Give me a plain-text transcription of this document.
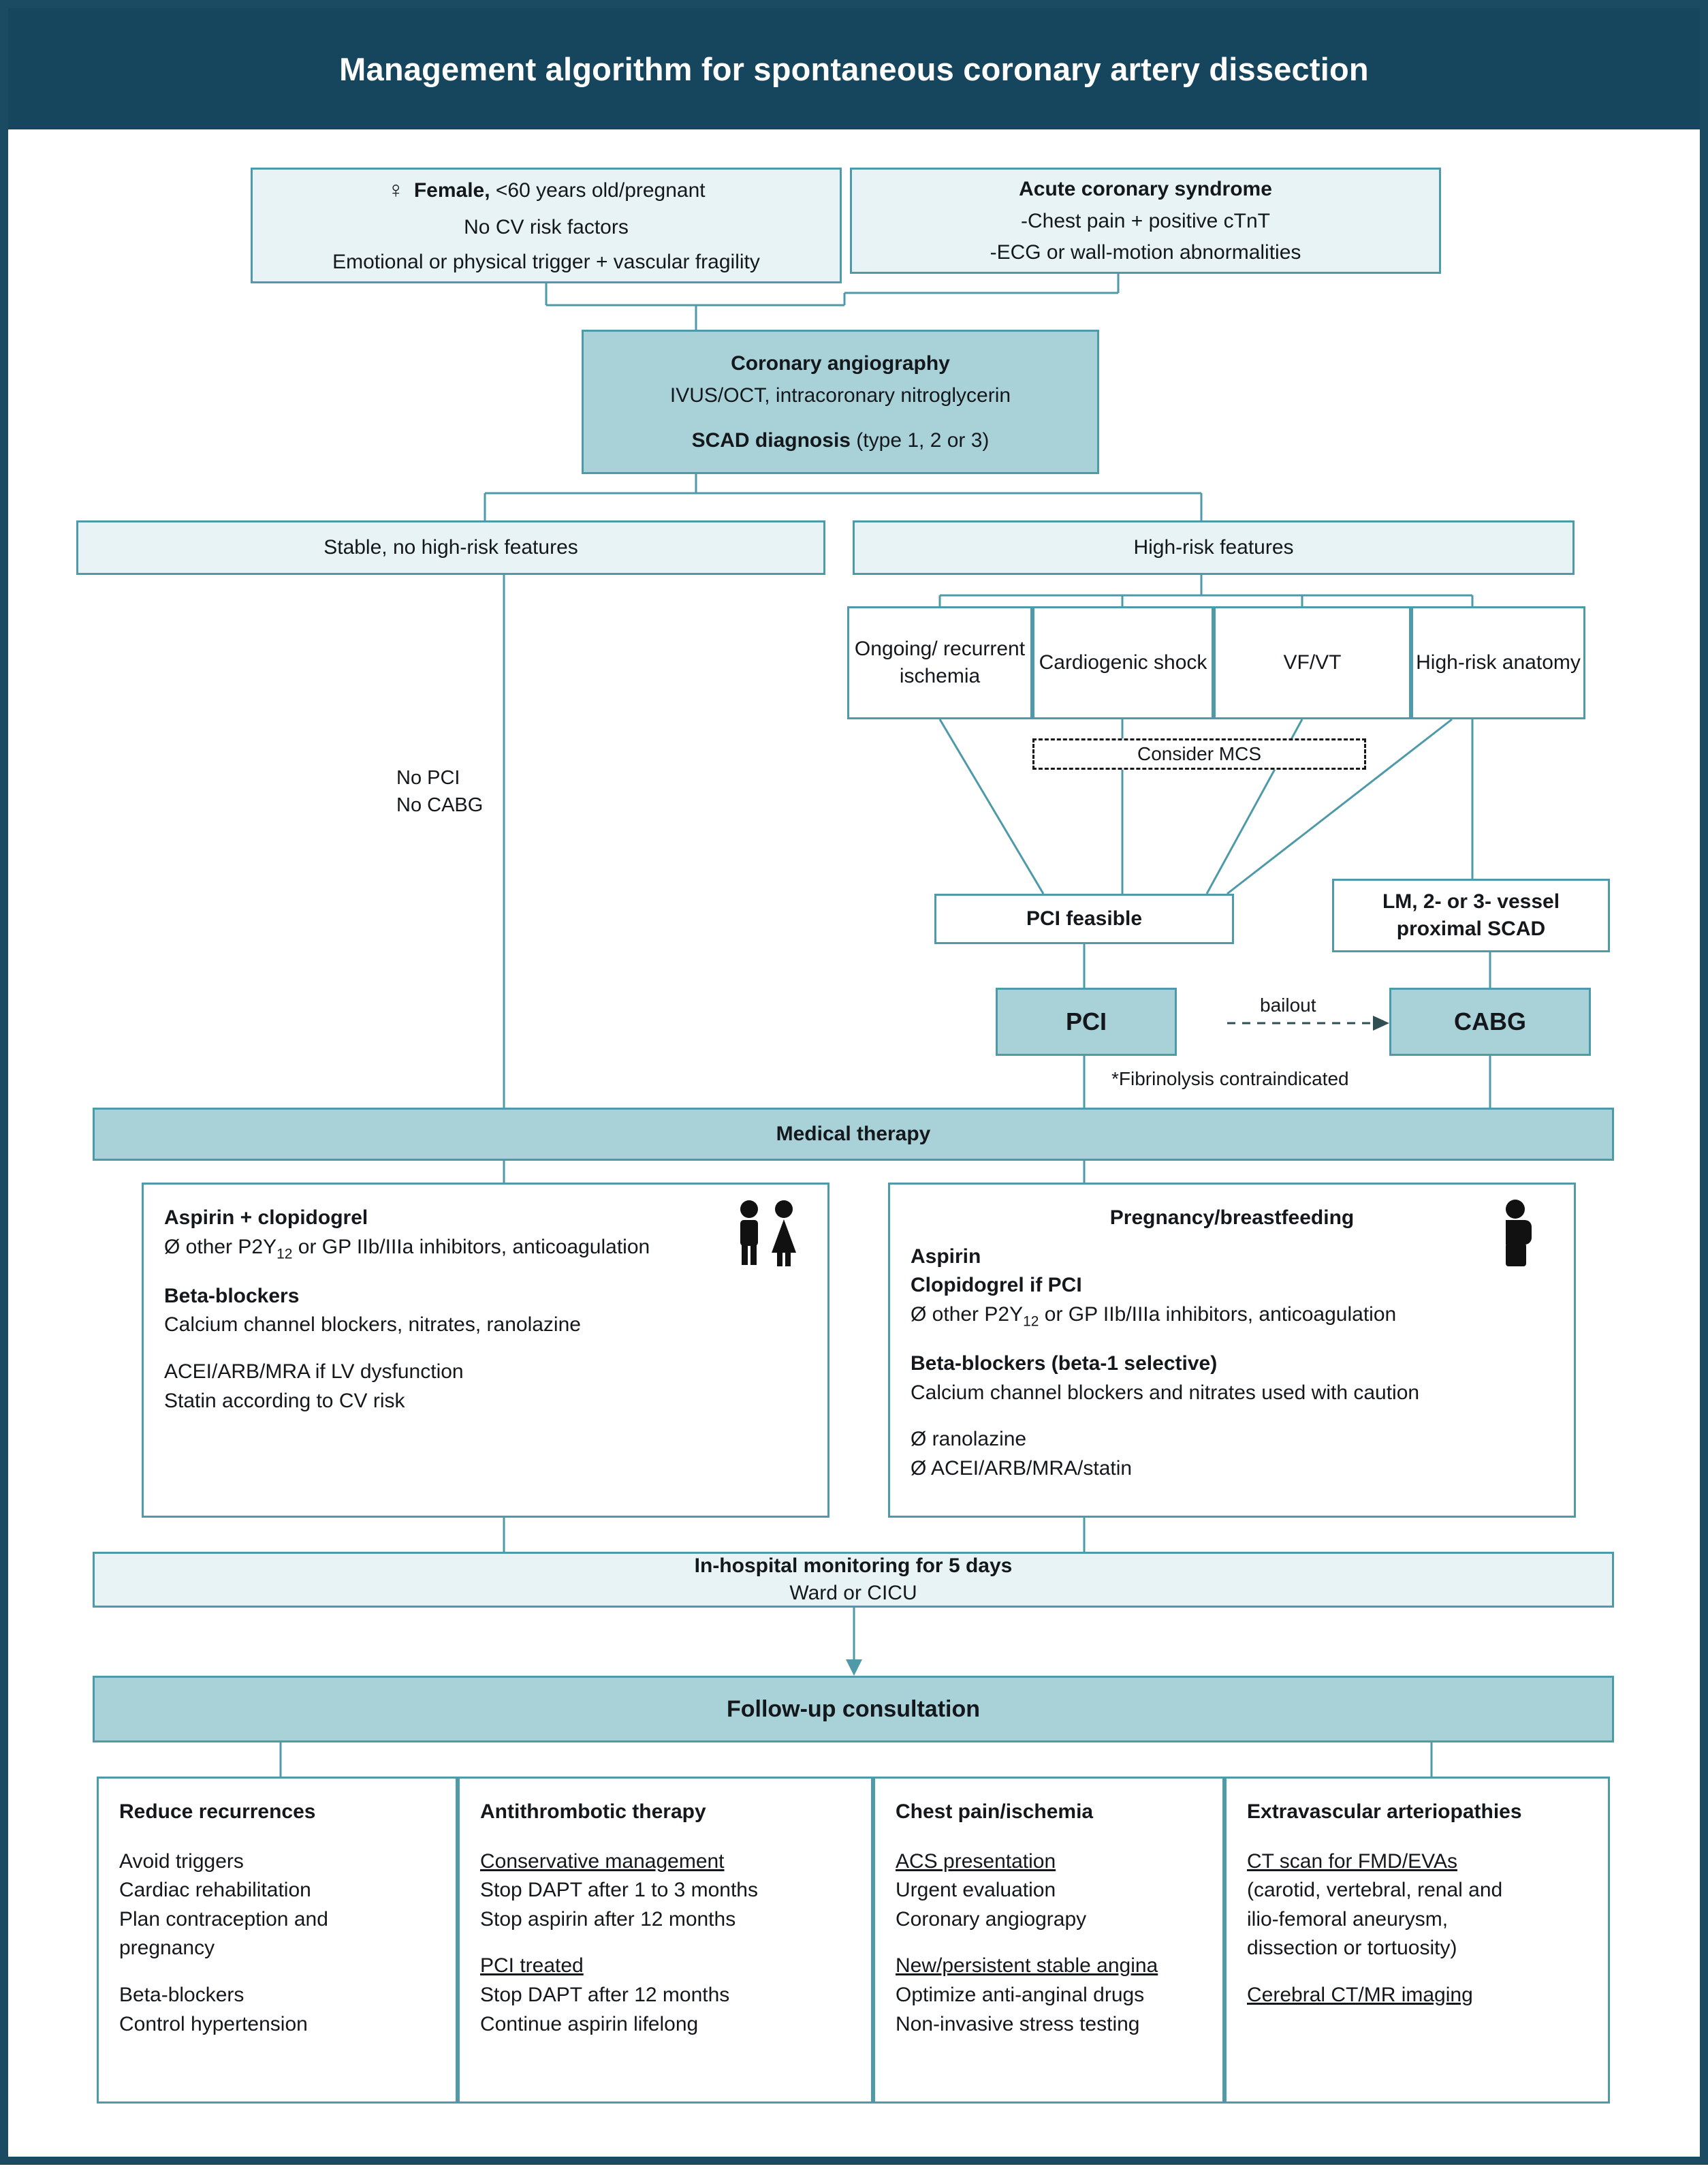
Management algorithm for spontaneous coronary artery dissection
♀ Female, <60 years old/pregnant
No CV risk factors
Emotional or physical trigger + vascular fragility
Acute coronary syndrome
-Chest pain + positive cTnT
-ECG or wall-motion abnormalities
Coronary angiography
IVUS/OCT, intracoronary nitroglycerin
SCAD diagnosis (type 1, 2 or 3)
Stable, no high-risk features	High-risk features
Ongoing/ recurrent ischemia
Cardiogenic shock	VF/VT	High-risk anatomy
Consider MCS
No PCI
No CABG
PCI feasible
LM, 2- or 3- vessel
proximal SCAD
PCI	CABG
bailout
*Fibrinolysis contraindicated
Medical therapy
Aspirin + clopidogrel
Ø other $P2Y_{12}$ or GP IIb/IIIa inhibitors, anticoagulation
Beta-blockers
Calcium channel blockers, nitrates, ranolazine
ACEI/ARB/MRA if LV dysfunction
Statin according to CV risk
Pregnancy/breastfeeding
Aspirin
Clopidogrel if PCI
Ø other $P2Y_{12}$ or GP IIb/IIIa inhibitors, anticoagulation
Beta-blockers (beta-1 selective)
Calcium channel blockers and nitrates used with caution
Ø ranolazine
Ø ACEI/ARB/MRA/statin
In-hospital monitoring for 5 days
Ward or CICU
Follow-up consultation
Reduce recurrences
Avoid triggers
Cardiac rehabilitation
Plan contraception and
pregnancy
Beta-blockers
Control hypertension
Antithrombotic therapy
Conservative management
Stop DAPT after 1 to 3 months
Stop aspirin after 12 months
PCI treated
Stop DAPT after 12 months
Continue aspirin lifelong
Chest pain/ischemia
ACS presentation
Urgent evaluation
Coronary angiograpy
New/persistent stable angina
Optimize anti-anginal drugs
Non-invasive stress testing
Extravascular arteriopathies
CT scan for FMD/EVAs
(carotid, vertebral, renal and
ilio-femoral aneurysm,
dissection or tortuosity)
Cerebral CT/MR imaging
